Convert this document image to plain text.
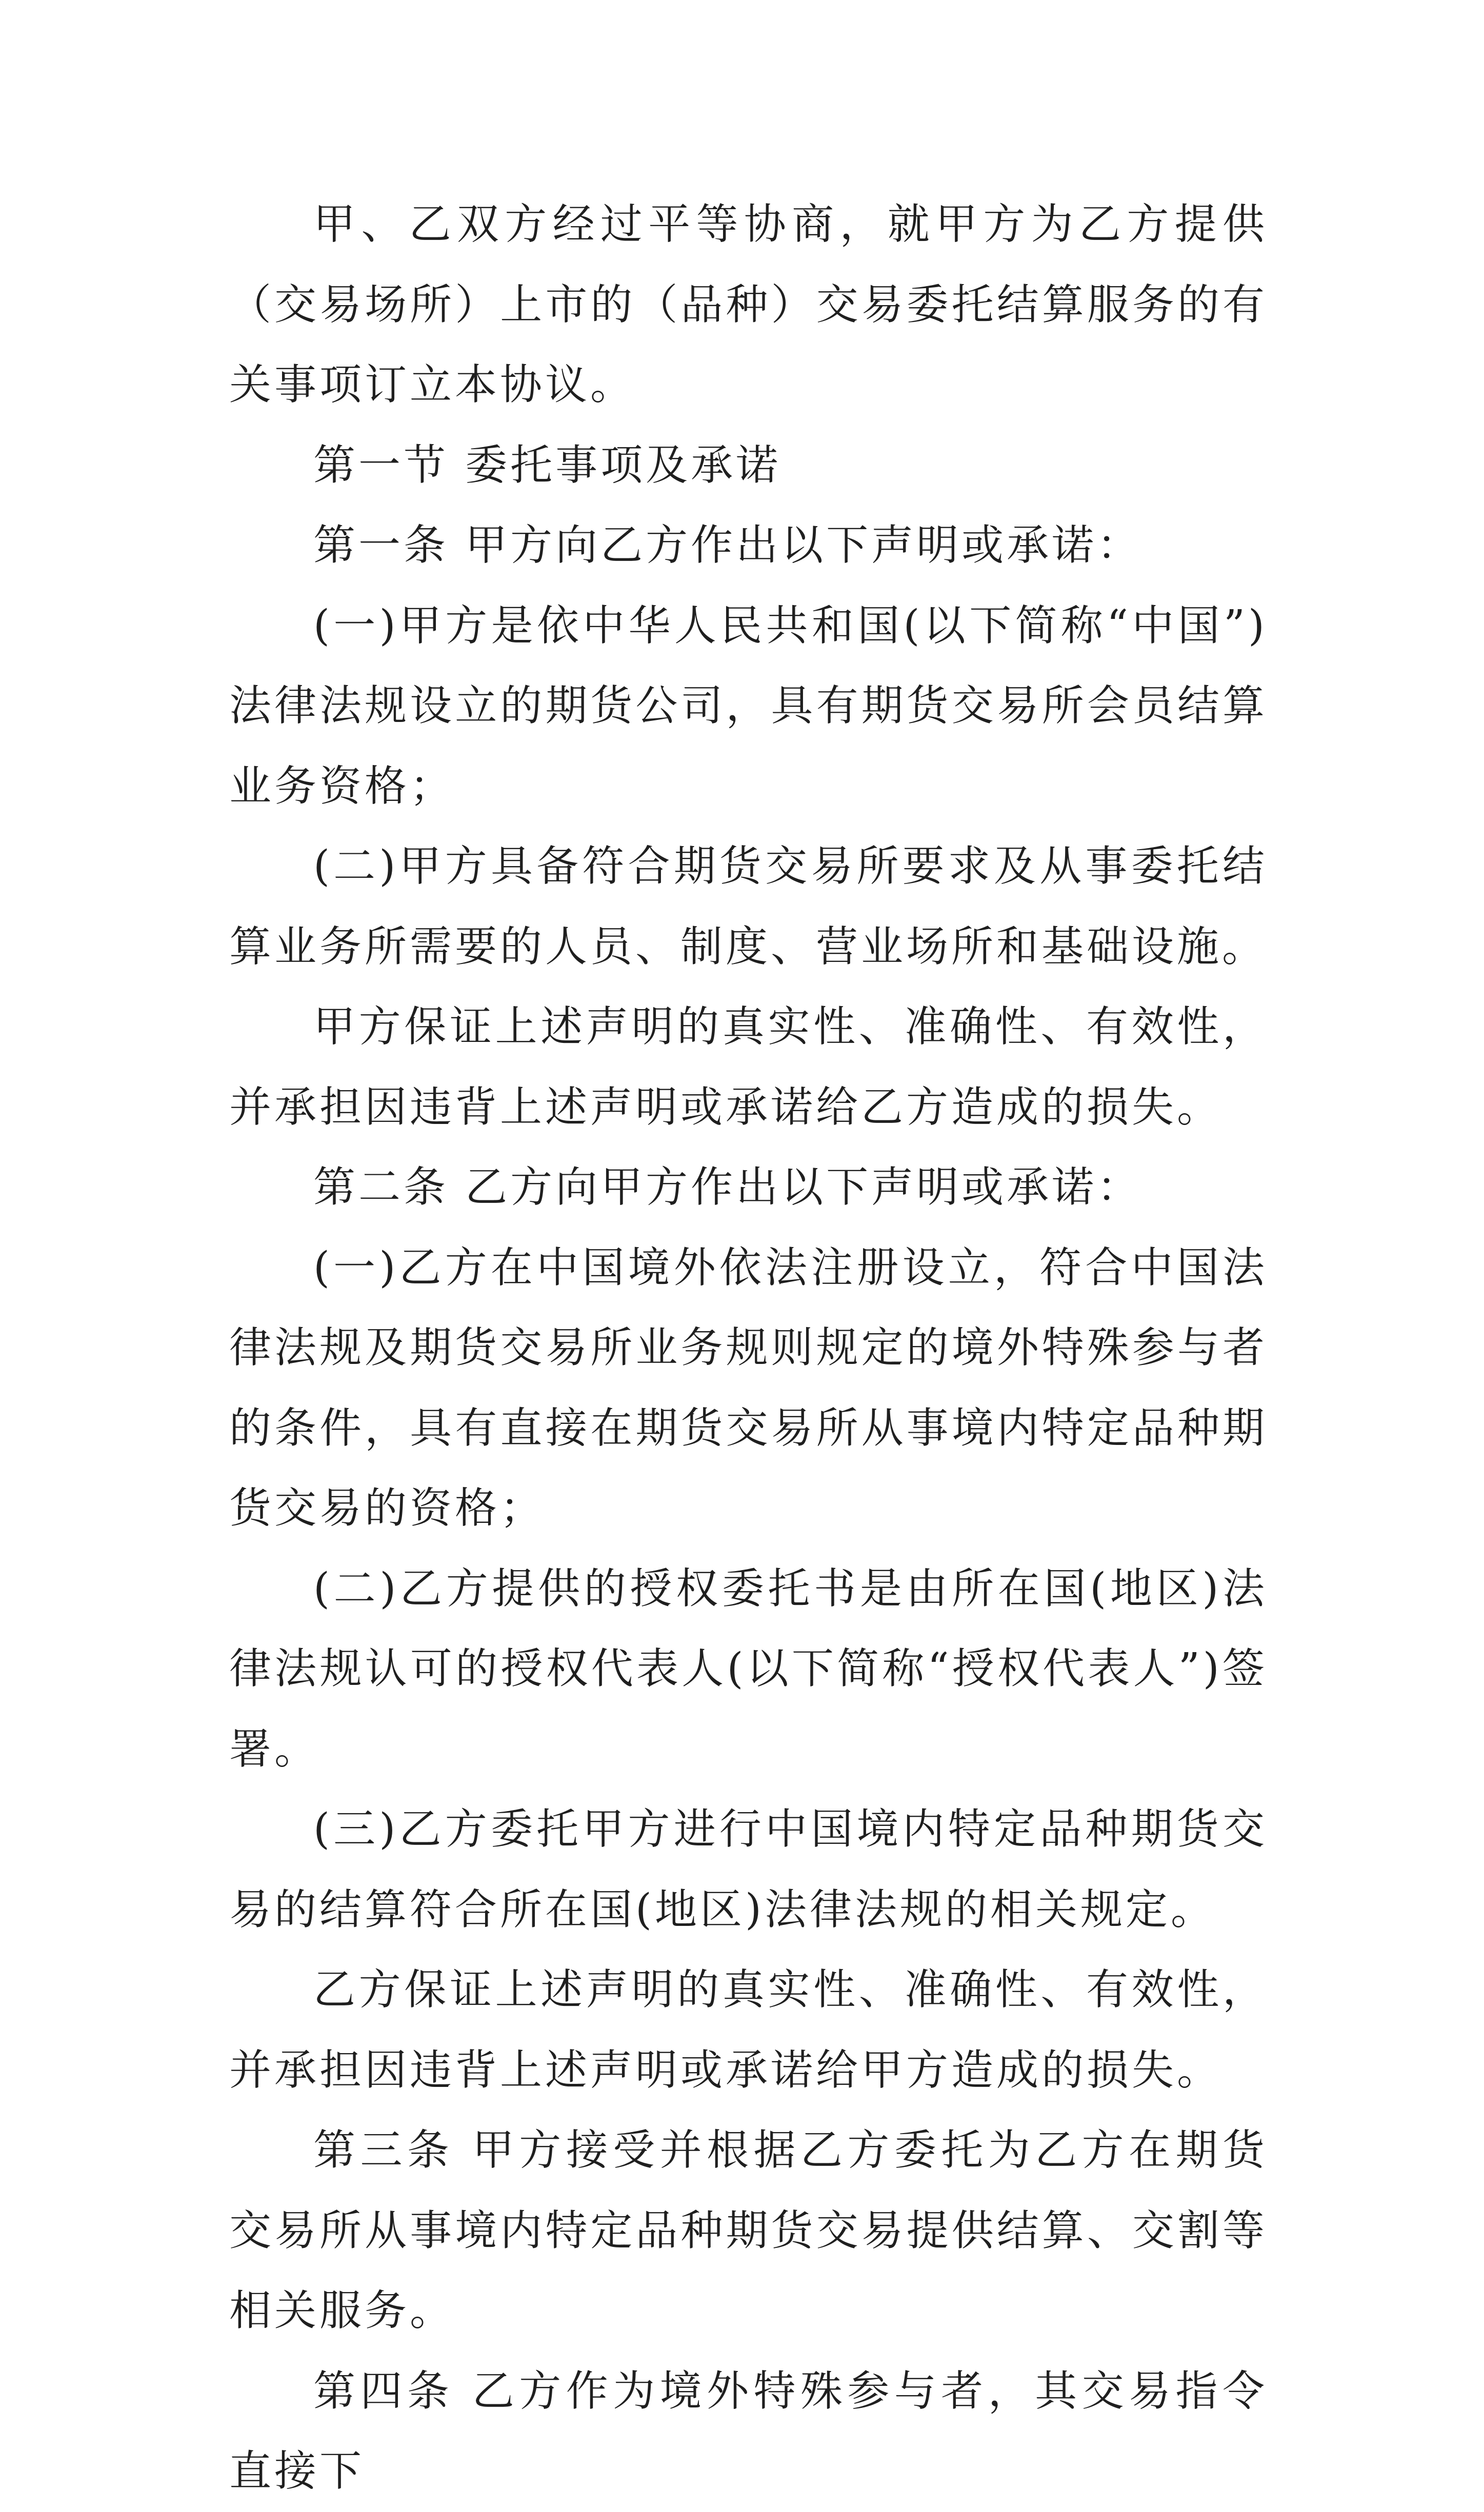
甲、乙双方经过平等协商，就甲方为乙方提供（交易场所）上市的（品种）交易委托结算服务的有关事项订立本协议。

第一节 委托事项及承诺

第一条 甲方向乙方作出以下声明或承诺：

(一)甲方是依中华人民共和国(以下简称“中国”)法律法规设立的期货公司，具有期货交易所会员结算业务资格；

(二)甲方具备符合期货交易所要求及从事委托结算业务所需要的人员、制度、营业场所和基础设施。

甲方保证上述声明的真实性、准确性、有效性，并承担因违背上述声明或承诺给乙方造成的损失。

第二条 乙方向甲方作出以下声明或承诺：

(一)乙方在中国境外依法注册设立，符合中国法律法规及期货交易所业务规则规定的境外特殊参与者的条件，具有直接在期货交易所从事境内特定品种期货交易的资格；

(二)乙方提供的授权委托书是由所在国(地区)法律法规认可的授权代表人(以下简称“授权代表人”)签署。

(三)乙方委托甲方进行中国境内特定品种期货交易的结算符合所在国(地区)法律法规的相关规定。

乙方保证上述声明的真实性、准确性、有效性，并承担因违背上述声明或承诺给甲方造成的损失。

第三条 甲方接受并根据乙方委托为乙方在期货交易所从事境内特定品种期货交易提供结算、交割等相关服务。

第四条 乙方作为境外特殊参与者，其交易指令直接下
